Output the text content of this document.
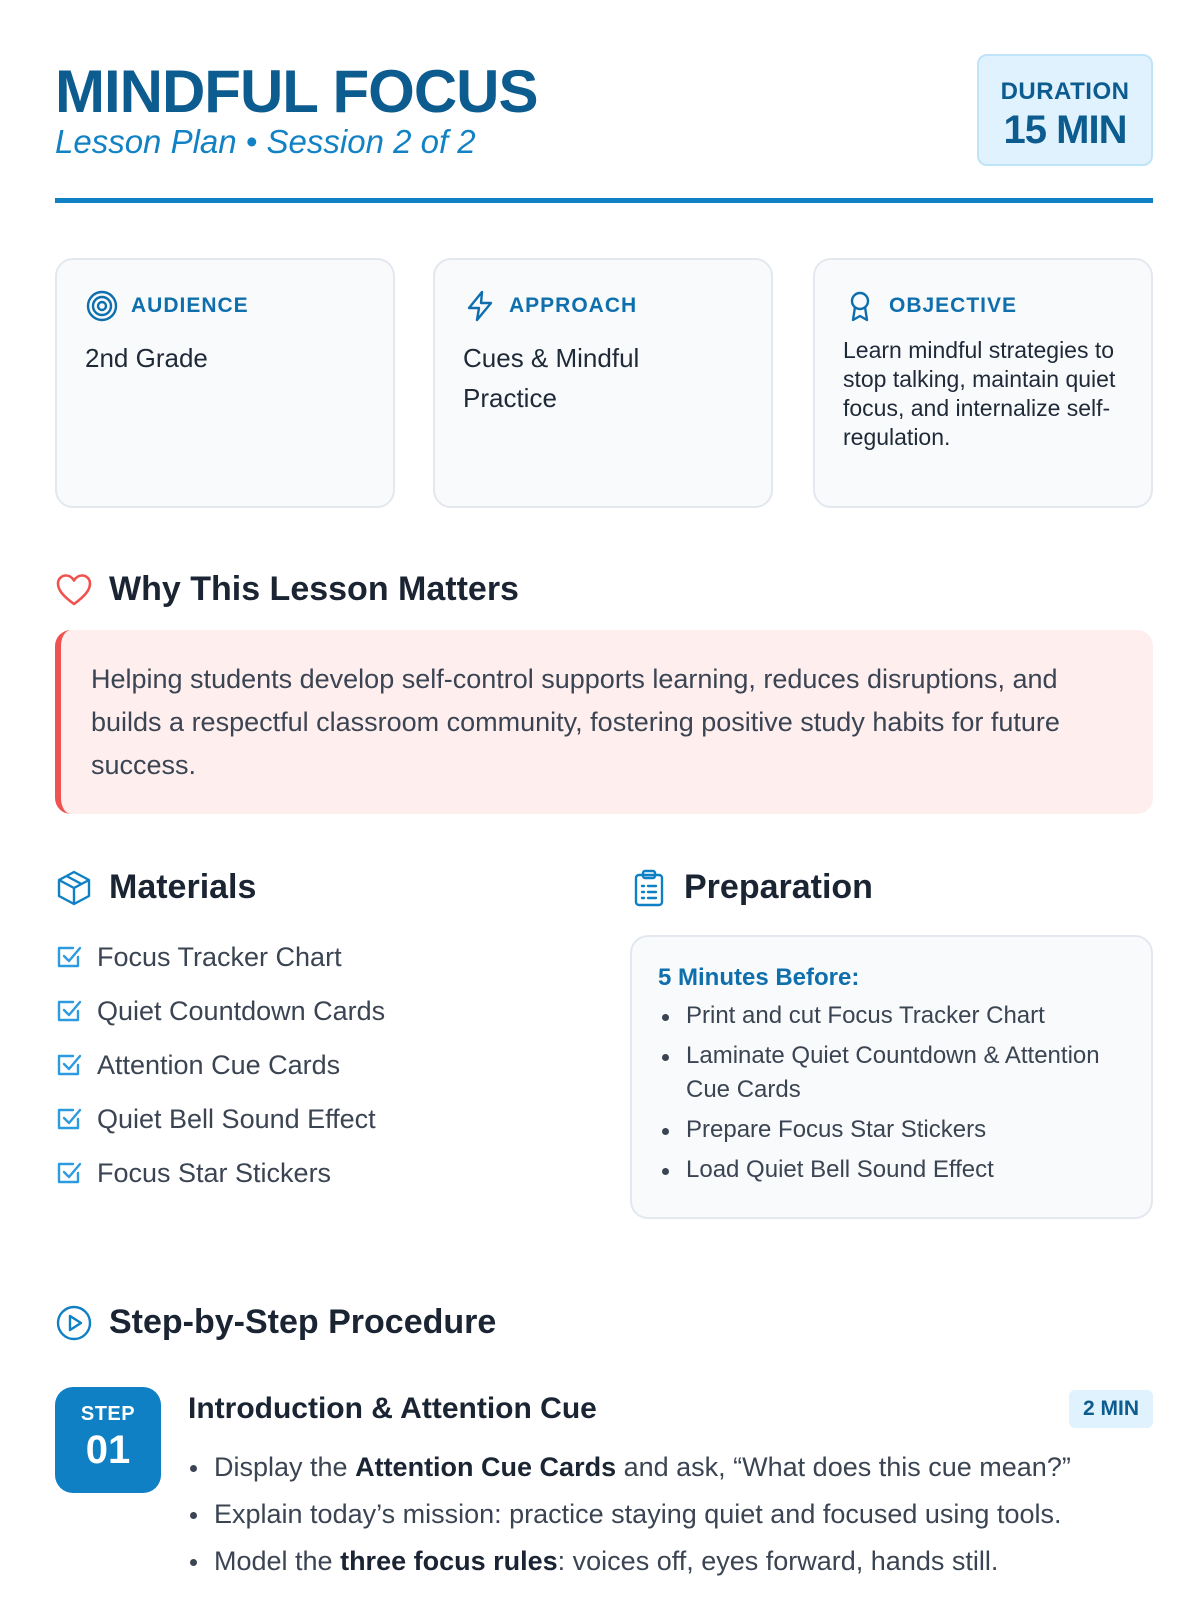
MINDFUL FOCUS
Lesson Plan • Session 2 of 2
DURATION
15 MIN
AUDIENCE
2nd Grade
APPROACH
Cues & Mindful Practice
OBJECTIVE
Learn mindful strategies to stop talking, maintain quiet focus, and internalize self-regulation.
Why This Lesson Matters

Helping students develop self-control supports learning, reduces disruptions, and builds a respectful classroom community, fostering positive study habits for future success.

Materials
Focus Tracker Chart
Quiet Countdown Cards
Attention Cue Cards
Quiet Bell Sound Effect
Focus Star Stickers
Preparation
5 Minutes Before:
Print and cut Focus Tracker Chart
Laminate Quiet Countdown & Attention Cue Cards
Prepare Focus Star Stickers
Load Quiet Bell Sound Effect
Step-by-Step Procedure
STEP
01
Introduction & Attention Cue	2 MIN
Display the Attention Cue Cards and ask, “What does this cue mean?”
Explain today’s mission: practice staying quiet and focused using tools.
Model the three focus rules: voices off, eyes forward, hands still.
